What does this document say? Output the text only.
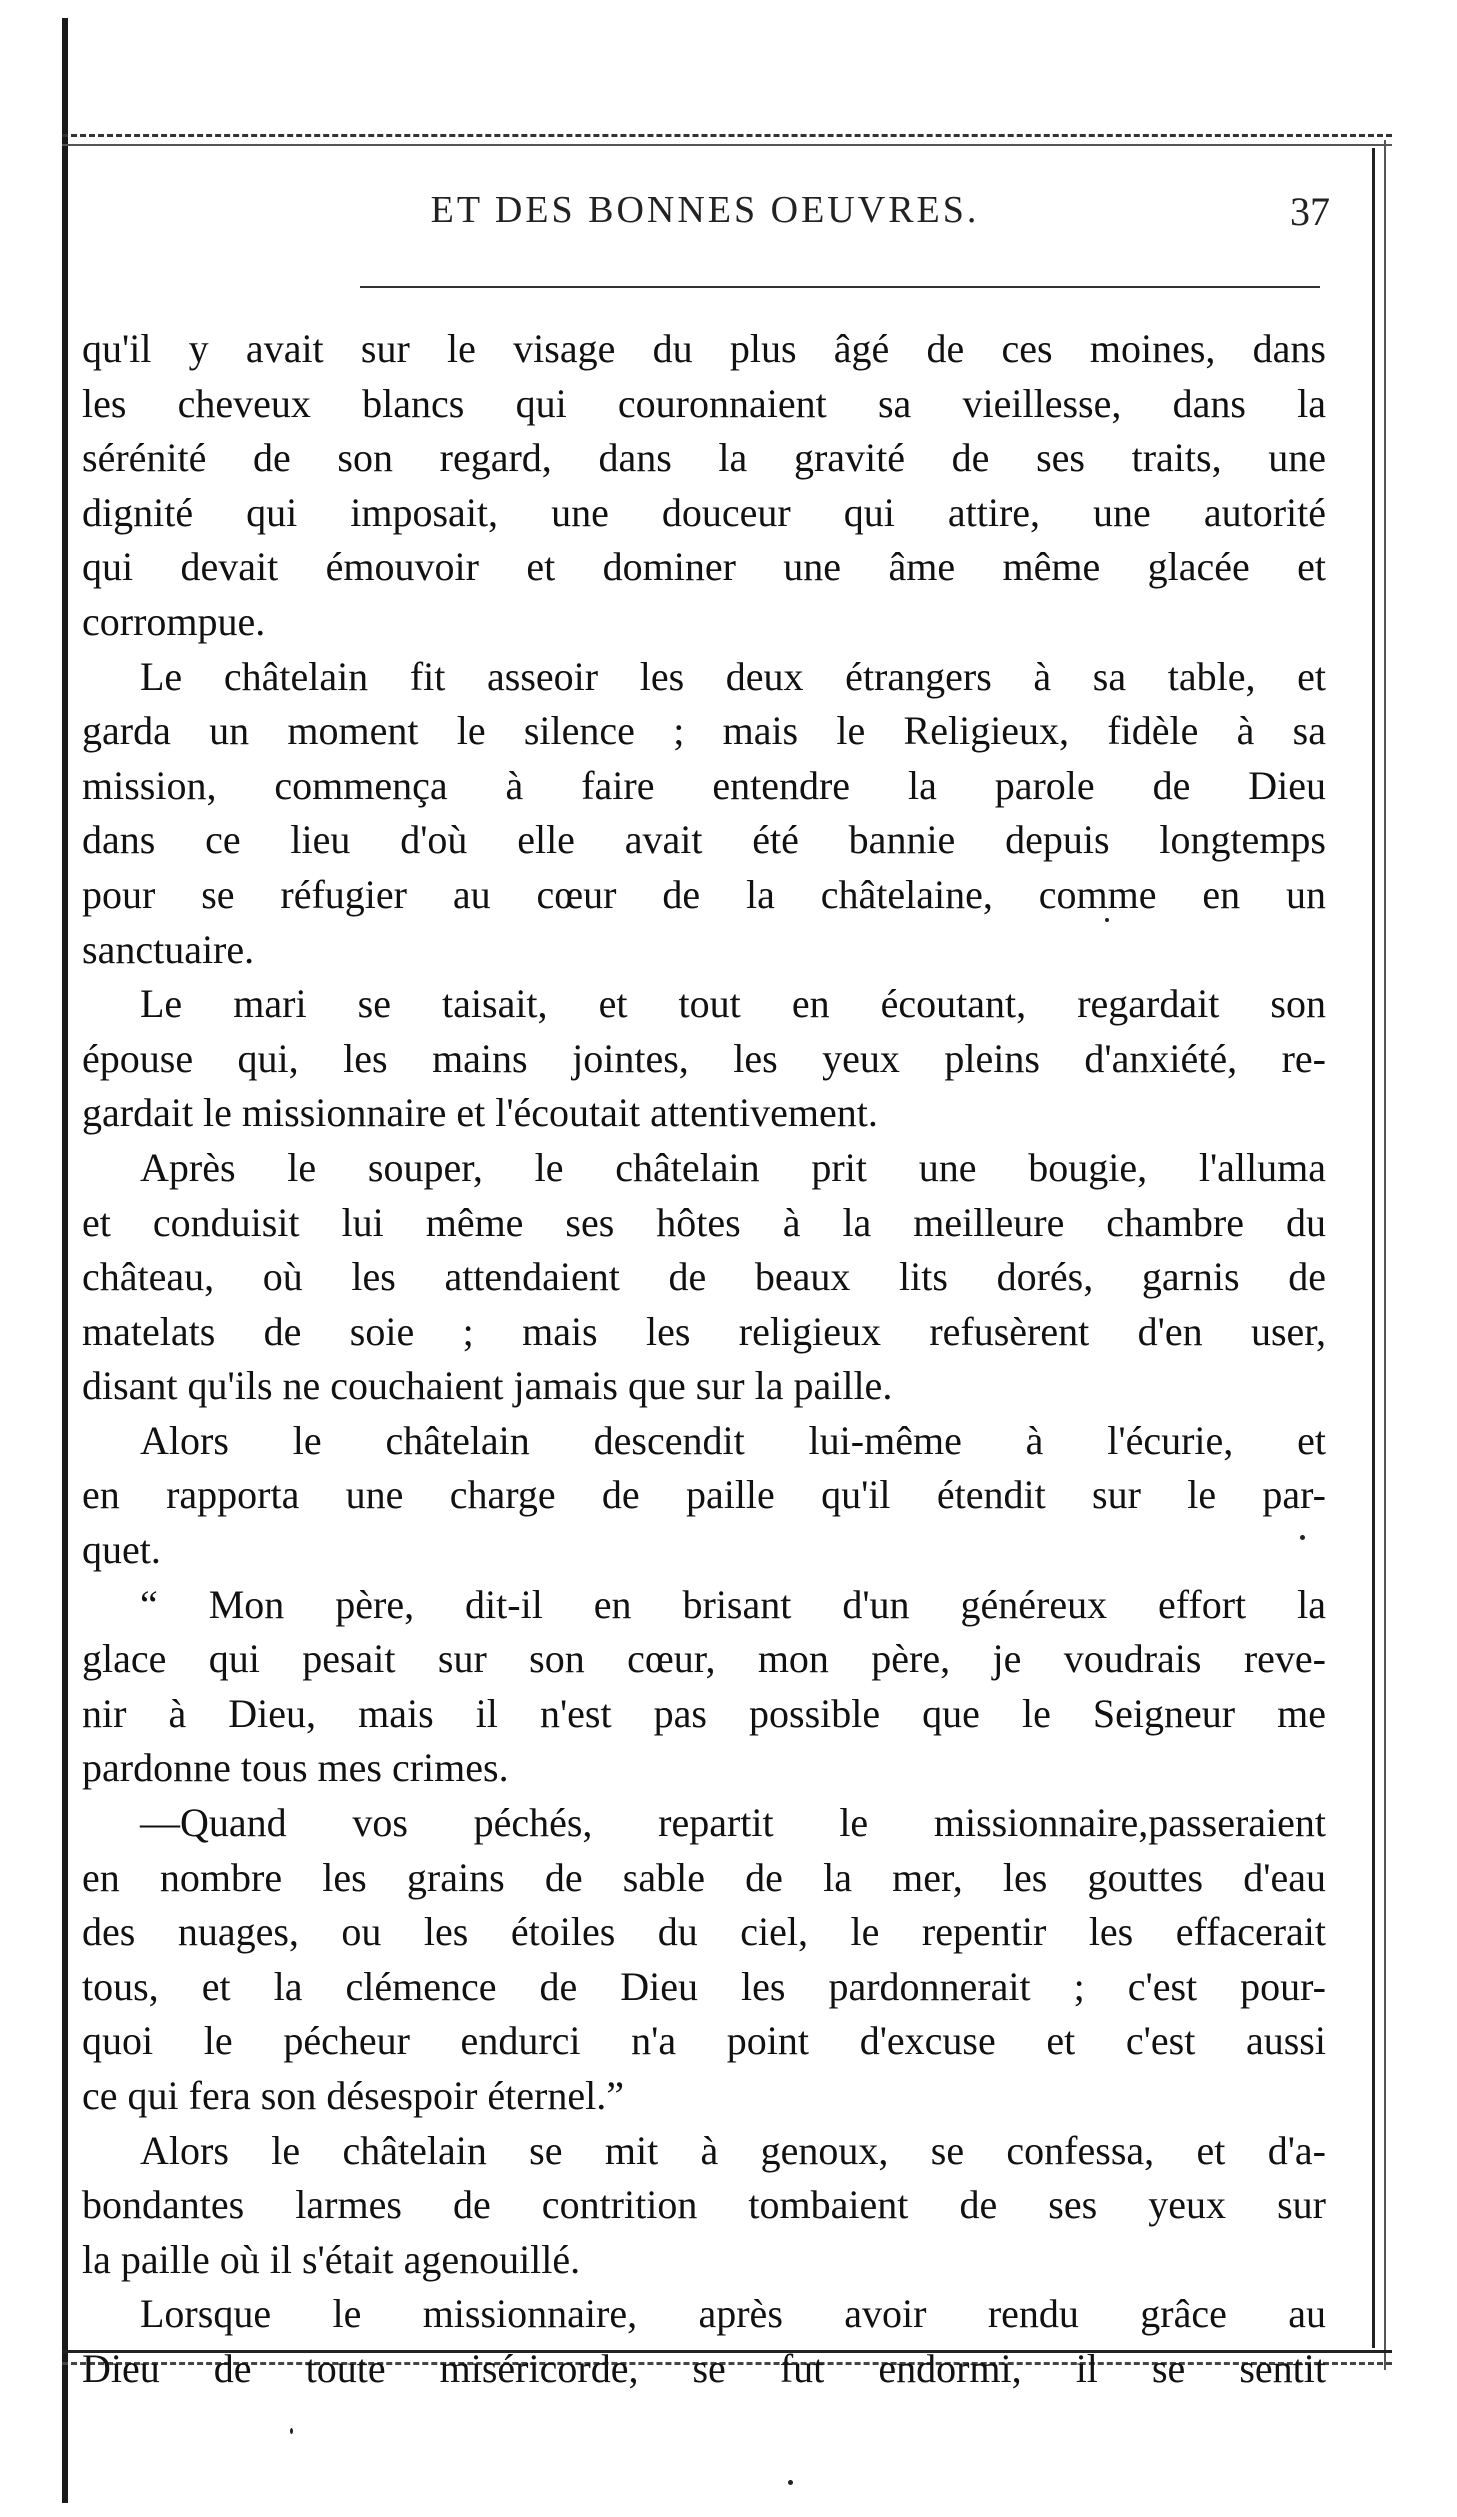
ET DES BONNES OEUVRES.	37
qu'il y avait sur le visage du plus âgé de ces moines, dans
les cheveux blancs qui couronnaient sa vieillesse, dans la
sérénité de son regard, dans la gravité de ses traits, une
dignité qui imposait, une douceur qui attire, une autorité
qui devait émouvoir et dominer une âme même glacée et
corrompue.
Le châtelain fit asseoir les deux étrangers à sa table, et
garda un moment le silence ; mais le Religieux, fidèle à sa
mission, commença à faire entendre la parole de Dieu
dans ce lieu d'où elle avait été bannie depuis longtemps
pour se réfugier au cœur de la châtelaine, comme en un
sanctuaire.
Le mari se taisait, et tout en écoutant, regardait son
épouse qui, les mains jointes, les yeux pleins d'anxiété, re-
gardait le missionnaire et l'écoutait attentivement.
Après le souper, le châtelain prit une bougie, l'alluma
et conduisit lui même ses hôtes à la meilleure chambre du
château, où les attendaient de beaux lits dorés, garnis de
matelats de soie ; mais les religieux refusèrent d'en user,
disant qu'ils ne couchaient jamais que sur la paille.
Alors le châtelain descendit lui-même à l'écurie, et
en rapporta une charge de paille qu'il étendit sur le par-
quet.
“ Mon père, dit-il en brisant d'un généreux effort la
glace qui pesait sur son cœur, mon père, je voudrais reve-
nir à Dieu, mais il n'est pas possible que le Seigneur me
pardonne tous mes crimes.
—Quand vos péchés, repartit le missionnaire,passeraient
en nombre les grains de sable de la mer, les gouttes d'eau
des nuages, ou les étoiles du ciel, le repentir les effacerait
tous, et la clémence de Dieu les pardonnerait ; c'est pour-
quoi le pécheur endurci n'a point d'excuse et c'est aussi
ce qui fera son désespoir éternel.”
Alors le châtelain se mit à genoux, se confessa, et d'a-
bondantes larmes de contrition tombaient de ses yeux sur
la paille où il s'était agenouillé.
Lorsque le missionnaire, après avoir rendu grâce au
Dieu de toute miséricorde, se fut endormi, il se sentit
